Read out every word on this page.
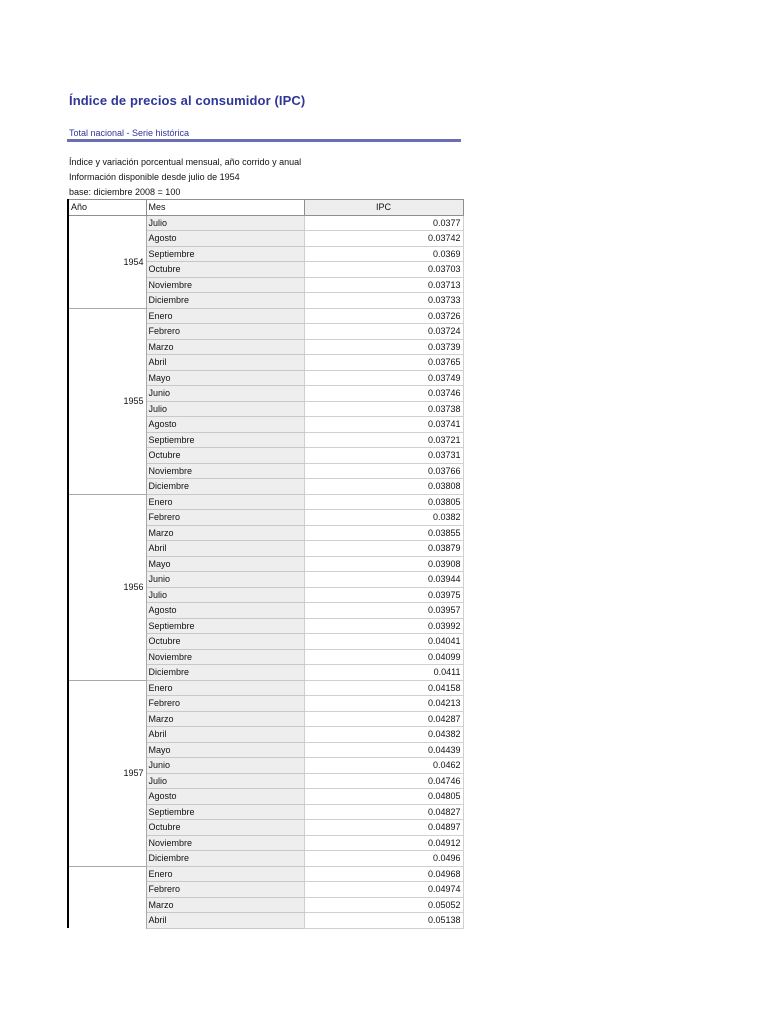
Índice de precios al consumidor (IPC)
Total nacional - Serie histórica
Índice y variación porcentual mensual, año corrido y anual
Información disponible desde julio de 1954
base: diciembre 2008 = 100
Año	Mes	IPC
1954	Julio	0.0377
	Agosto	0.03742
	Septiembre	0.0369
	Octubre	0.03703
	Noviembre	0.03713
	Diciembre	0.03733
1955	Enero	0.03726
	Febrero	0.03724
	Marzo	0.03739
	Abril	0.03765
	Mayo	0.03749
	Junio	0.03746
	Julio	0.03738
	Agosto	0.03741
	Septiembre	0.03721
	Octubre	0.03731
	Noviembre	0.03766
	Diciembre	0.03808
1956	Enero	0.03805
	Febrero	0.0382
	Marzo	0.03855
	Abril	0.03879
	Mayo	0.03908
	Junio	0.03944
	Julio	0.03975
	Agosto	0.03957
	Septiembre	0.03992
	Octubre	0.04041
	Noviembre	0.04099
	Diciembre	0.0411
1957	Enero	0.04158
	Febrero	0.04213
	Marzo	0.04287
	Abril	0.04382
	Mayo	0.04439
	Junio	0.0462
	Julio	0.04746
	Agosto	0.04805
	Septiembre	0.04827
	Octubre	0.04897
	Noviembre	0.04912
	Diciembre	0.0496
	Enero	0.04968
	Febrero	0.04974
	Marzo	0.05052
	Abril	0.05138
